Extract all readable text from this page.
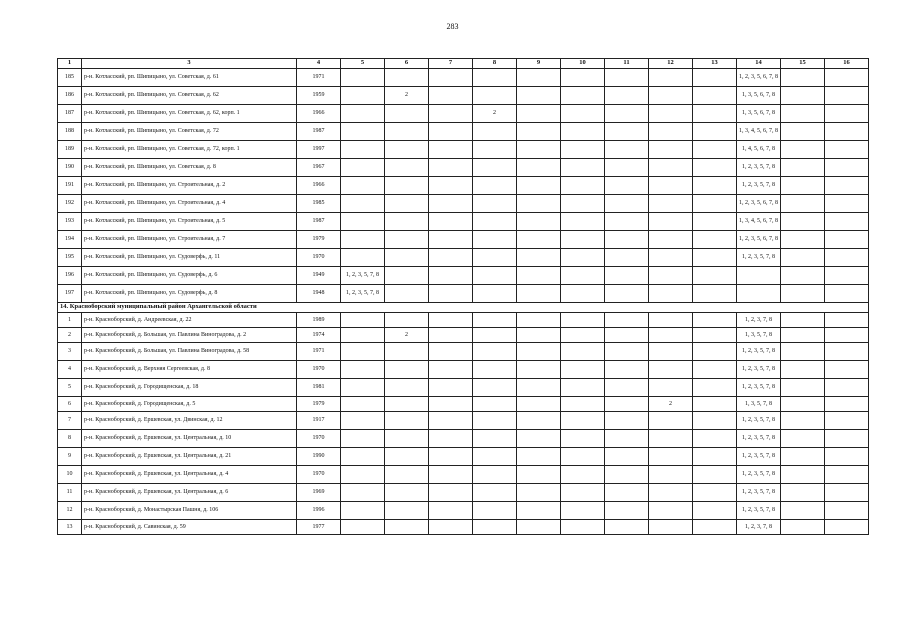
283
1	3	4	5	6	7	8	9	10	11	12	13	14	15	16
185	р-н. Котласский, рп. Шипицыно, ул. Советская, д. 61	1971										1, 2, 3, 5, 6, 7, 8		
186	р-н. Котласский, рп. Шипицыно, ул. Советская, д. 62	1959		2								1, 3, 5, 6, 7, 8		
187	р-н. Котласский, рп. Шипицыно, ул. Советская, д. 62, корп. 1	1966				2						1, 3, 5, 6, 7, 8		
188	р-н. Котласский, рп. Шипицыно, ул. Советская, д. 72	1987										1, 3, 4, 5, 6, 7, 8		
189	р-н. Котласский, рп. Шипицыно, ул. Советская, д. 72, корп. 1	1997										1, 4, 5, 6, 7, 8		
190	р-н. Котласский, рп. Шипицыно, ул. Советская, д. 8	1967										1, 2, 3, 5, 7, 8		
191	р-н. Котласский, рп. Шипицыно, ул. Строительная, д. 2	1966										1, 2, 3, 5, 7, 8		
192	р-н. Котласский, рп. Шипицыно, ул. Строительная, д. 4	1985										1, 2, 3, 5, 6, 7, 8		
193	р-н. Котласский, рп. Шипицыно, ул. Строительная, д. 5	1987										1, 3, 4, 5, 6, 7, 8		
194	р-н. Котласский, рп. Шипицыно, ул. Строительная, д. 7	1979										1, 2, 3, 5, 6, 7, 8		
195	р-н. Котласский, рп. Шипицыно, ул. Судоверфь, д. 11	1970										1, 2, 3, 5, 7, 8		
196	р-н. Котласский, рп. Шипицыно, ул. Судоверфь, д. 6	1949	1, 2, 3, 5, 7, 8											
197	р-н. Котласский, рп. Шипицыно, ул. Судоверфь, д. 8	1948	1, 2, 3, 5, 7, 8											
14. Красноборский муниципальный район Архангельской области														
1	р-н. Красноборский, д. Андреевская, д. 22	1989										1, 2, 3, 7, 8		
2	р-н. Красноборский, д. Большая, ул. Павлина Виноградова, д. 2	1974		2								1, 3, 5, 7, 8		
3	р-н. Красноборский, д. Большая, ул. Павлина Виноградова, д. 58	1971										1, 2, 3, 5, 7, 8		
4	р-н. Красноборский, д. Верхняя Сергеевская, д. 8	1970										1, 2, 3, 5, 7, 8		
5	р-н. Красноборский, д. Городищенская, д. 18	1981										1, 2, 3, 5, 7, 8		
6	р-н. Красноборский, д. Городищенская, д. 5	1979								2		1, 3, 5, 7, 8		
7	р-н. Красноборский, д. Ершевская, ул. Двинская, д. 12	1917										1, 2, 3, 5, 7, 8		
8	р-н. Красноборский, д. Ершевская, ул. Центральная, д. 10	1970										1, 2, 3, 5, 7, 8		
9	р-н. Красноборский, д. Ершевская, ул. Центральная, д. 21	1990										1, 2, 3, 5, 7, 8		
10	р-н. Красноборский, д. Ершевская, ул. Центральная, д. 4	1970										1, 2, 3, 5, 7, 8		
11	р-н. Красноборский, д. Ершевская, ул. Центральная, д. 6	1969										1, 2, 3, 5, 7, 8		
12	р-н. Красноборский, д. Монастырская Пашня, д. 106	1996										1, 2, 3, 5, 7, 8		
13	р-н. Красноборский, д. Савинская, д. 59	1977										1, 2, 3, 7, 8		
